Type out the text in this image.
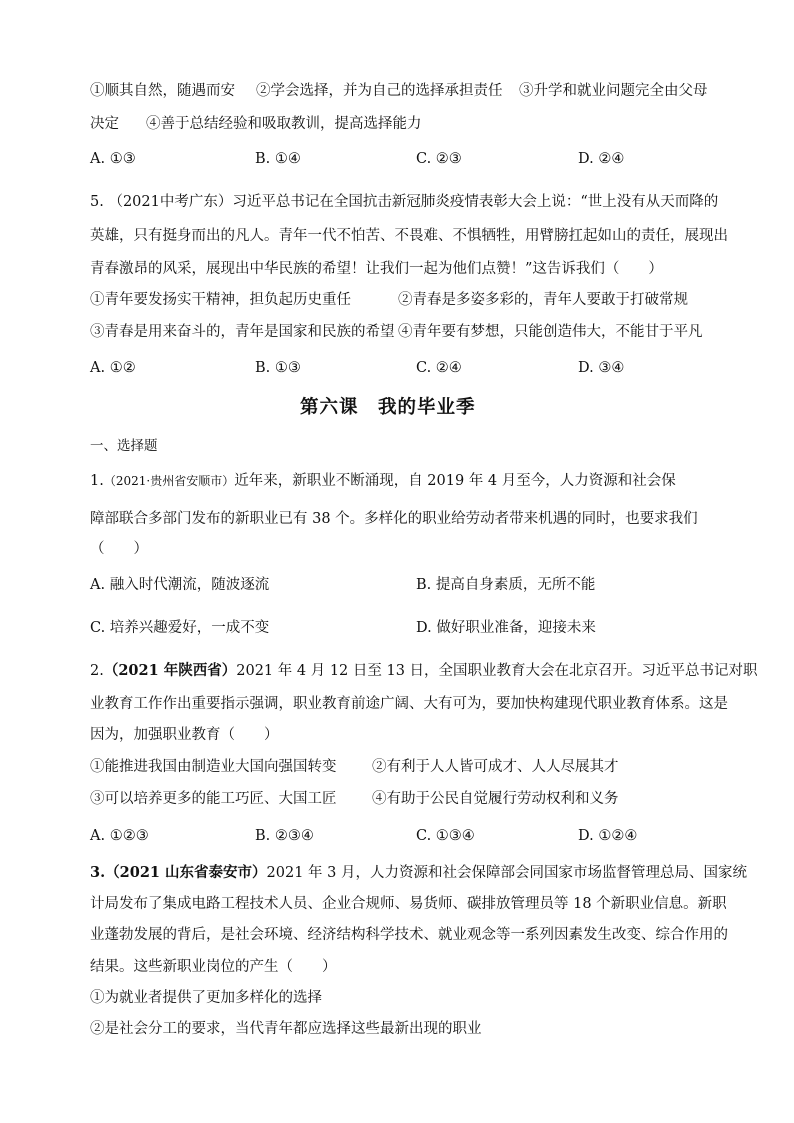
①顺其自然，随遇而安 ②学会选择，并为自己的选择承担责任 ③升学和就业问题完全由父母
决定 ④善于总结经验和吸取教训，提高选择能力
A. ①③	B. ①④	C. ②③	D. ②④
5. （2021中考广东）习近平总书记在全国抗击新冠肺炎疫情表彰大会上说：“世上没有从天而降的
英雄，只有挺身而出的凡人。青年一代不怕苦、不畏难、不惧牺牲，用臂膀扛起如山的责任，展现出
青春激昂的风采，展现出中华民族的希望！让我们一起为他们点赞！”这告诉我们（　　）
①青年要发扬实干精神，担负起历史重任	②青春是多姿多彩的，青年人要敢于打破常规
③青春是用来奋斗的，青年是国家和民族的希望 ④青年要有梦想，只能创造伟大，不能甘于平凡
A. ①②	B. ①③	C. ②④	D. ③④
第六课　我的毕业季
一、选择题
1.（2021·贵州省安顺市）近年来，新职业不断涌现，自 2019 年 4 月至今，人力资源和社会保
障部联合多部门发布的新职业已有 38 个。多样化的职业给劳动者带来机遇的同时，也要求我们
（　　）
A. 融入时代潮流，随波逐流	B. 提高自身素质，无所不能
C. 培养兴趣爱好，一成不变	D. 做好职业准备，迎接未来
2.（2021 年陕西省）2021 年 4 月 12 日至 13 日，全国职业教育大会在北京召开。习近平总书记对职
业教育工作作出重要指示强调，职业教育前途广阔、大有可为，要加快构建现代职业教育体系。这是
因为，加强职业教育（　　）
①能推进我国由制造业大国向强国转变 ②有利于人人皆可成才、人人尽展其才
③可以培养更多的能工巧匠、大国工匠 ④有助于公民自觉履行劳动权利和义务
A. ①②③	B. ②③④	C. ①③④	D. ①②④
3.（2021 山东省泰安市）2021 年 3 月，人力资源和社会保障部会同国家市场监督管理总局、国家统
计局发布了集成电路工程技术人员、企业合规师、易货师、碳排放管理员等 18 个新职业信息。新职
业蓬勃发展的背后，是社会环境、经济结构科学技术、就业观念等一系列因素发生改变、综合作用的
结果。这些新职业岗位的产生（　　）
①为就业者提供了更加多样化的选择
②是社会分工的要求，当代青年都应选择这些最新出现的职业
